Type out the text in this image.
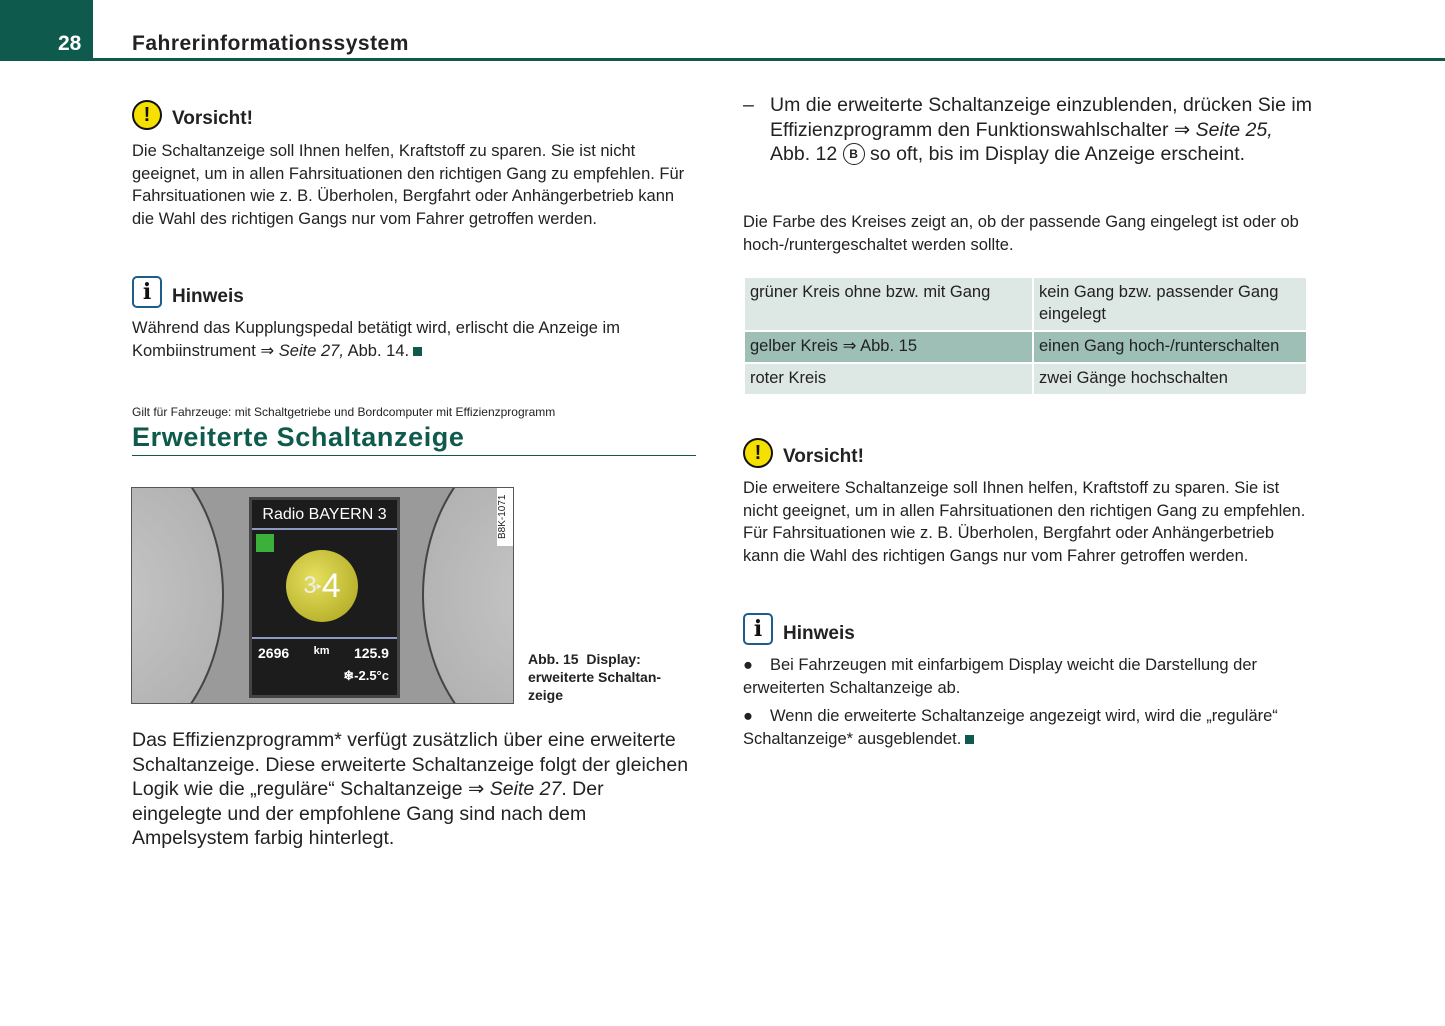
28 Fahrerinformationssystem
!	Vorsicht!
Die Schaltanzeige soll Ihnen helfen, Kraftstoff zu sparen. Sie ist nicht geeignet, um in allen Fahrsituationen den richtigen Gang zu empfehlen. Für Fahrsituationen wie z. B. Überholen, Bergfahrt oder Anhängerbetrieb kann die Wahl des richtigen Gangs nur vom Fahrer getroffen werden.
i	Hinweis
Während das Kupplungspedal betätigt wird, erlischt die Anzeige im Kombiinstrument ⇒ Seite 27, Abb. 14.
Gilt für Fahrzeuge: mit Schaltgetriebe und Bordcomputer mit Effizienzprogramm
Erweiterte Schaltanzeige
Radio BAYERN 3
3 ▸ 4
2696 km 125.9
❄-2.5°c
B8K-1071
Abb. 15 Display: erweiterte Schaltanzeige
Das Effizienzprogramm* verfügt zusätzlich über eine erweiterte Schaltanzeige. Diese erweiterte Schaltanzeige folgt der gleichen Logik wie die „reguläre“ Schaltanzeige ⇒ Seite 27. Der eingelegte und der empfohlene Gang sind nach dem Ampelsystem farbig hinterlegt.
– Um die erweiterte Schaltanzeige einzublenden, drücken Sie im Effizienzprogramm den Funktionswahlschalter ⇒ Seite 25, Abb. 12 B so oft, bis im Display die Anzeige erscheint.
Die Farbe des Kreises zeigt an, ob der passende Gang eingelegt ist oder ob hoch-/runtergeschaltet werden sollte.
grüner Kreis ohne bzw. mit Gang	kein Gang bzw. passender Gang eingelegt
gelber Kreis ⇒ Abb. 15	einen Gang hoch-/runterschalten
roter Kreis	zwei Gänge hochschalten
!	Vorsicht!
Die erweitere Schaltanzeige soll Ihnen helfen, Kraftstoff zu sparen. Sie ist nicht geeignet, um in allen Fahrsituationen den richtigen Gang zu empfehlen. Für Fahrsituationen wie z. B. Überholen, Bergfahrt oder Anhängerbetrieb kann die Wahl des richtigen Gangs nur vom Fahrer getroffen werden.
i	Hinweis
● Bei Fahrzeugen mit einfarbigem Display weicht die Darstellung der erweiterten Schaltanzeige ab.
● Wenn die erweiterte Schaltanzeige angezeigt wird, wird die „reguläre“ Schaltanzeige* ausgeblendet.
